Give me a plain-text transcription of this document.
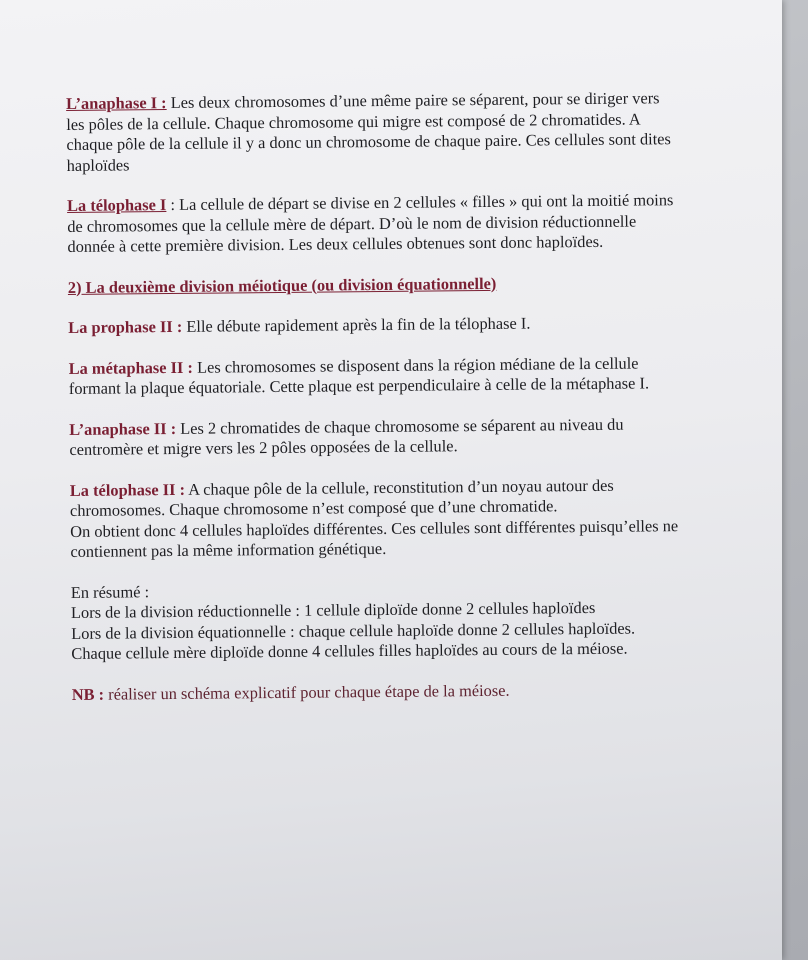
L’anaphase I : Les deux chromosomes d’une même paire se séparent, pour se diriger vers les pôles de la cellule. Chaque chromosome qui migre est composé de 2 chromatides. A chaque pôle de la cellule il y a donc un chromosome de chaque paire. Ces cellules sont dites haploïdes

La télophase I : La cellule de départ se divise en 2 cellules « filles » qui ont la moitié moins de chromosomes que la cellule mère de départ. D’où le nom de division réductionnelle donnée à cette première division. Les deux cellules obtenues sont donc haploïdes.

2) La deuxième division méiotique (ou division équationnelle)

La prophase II : Elle débute rapidement après la fin de la télophase I.

La métaphase II : Les chromosomes se disposent dans la région médiane de la cellule formant la plaque équatoriale. Cette plaque est perpendiculaire à celle de la métaphase I.

L’anaphase II : Les 2 chromatides de chaque chromosome se séparent au niveau du centromère et migre vers les 2 pôles opposées de la cellule.

La télophase II : A chaque pôle de la cellule, reconstitution d’un noyau autour des chromosomes. Chaque chromosome n’est composé que d’une chromatide.
On obtient donc 4 cellules haploïdes différentes. Ces cellules sont différentes puisqu’elles ne contiennent pas la même information génétique.

En résumé :
Lors de la division réductionnelle : 1 cellule diploïde donne 2 cellules haploïdes
Lors de la division équationnelle : chaque cellule haploïde donne 2 cellules haploïdes.
Chaque cellule mère diploïde donne 4 cellules filles haploïdes au cours de la méiose.

NB : réaliser un schéma explicatif pour chaque étape de la méiose.
